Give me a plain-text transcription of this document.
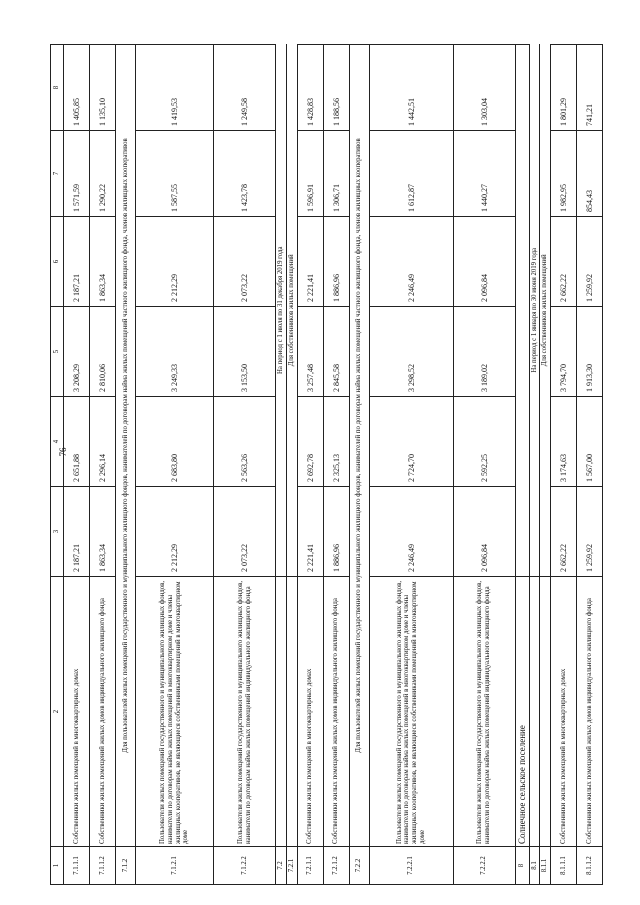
76
1	2	3	4	5	6	7	8
7.1.1.1	Собственники жилых помещений в многоквартирных домах	2 187,21	2 651,88	3 208,29	2 187,21	1 571,59	1 405,85
7.1.1.2	Собственники жилых помещений жилых домов индивидуального жилищного фонда	1 863,34	2 296,14	2 810,06	1 863,34	1 290,22	1 135,10
7.1.2	Для пользователей жилых помещений государственного и муниципального жилищного фондов, нанимателей по договорам найма жилых помещений частного жилищного фонда, членов жилищных кооперативов						
7.1.2.1	Пользователи жилых помещений государственного и муниципального жилищных фондов, наниматели по договорам найма жилых помещений в многоквартирном доме и члены жилищных кооперативов, не являющиеся собственниками помещений в многоквартирном доме	2 212,29	2 683,80	3 249,33	2 212,29	1 587,55	1 419,53
7.1.2.2	Пользователи жилых помещений государственного и муниципального жилищных фондов, наниматели по договорам найма жилых помещений индивидуального жилищного фонда	2 073,22	2 563,26	3 153,50	2 073,22	1 423,78	1 249,58
7.2		На период с 1 июля по 31 декабря 2019 года					
7.2.1		Для собственников жилых помещений					
7.2.1.1	Собственники жилых помещений в многоквартирных домах	2 221,41	2 692,78	3 257,48	2 221,41	1 596,91	1 428,83
7.2.1.2	Собственники жилых помещений жилых домов индивидуального жилищного фонда	1 886,96	2 325,13	2 845,58	1 886,96	1 306,71	1 188,56
7.2.2	Для пользователей жилых помещений государственного и муниципального жилищного фондов, нанимателей по договорам найма жилых помещений частного жилищного фонда, членов жилищных кооперативов						
7.2.2.1	Пользователи жилых помещений государственного и муниципального жилищных фондов, наниматели по договорам найма жилых помещений в многоквартирном доме и члены жилищных кооперативов, не являющиеся собственниками помещений в многоквартирном доме	2 246,49	2 724,70	3 298,52	2 246,49	1 612,87	1 442,51
7.2.2.2	Пользователи жилых помещений государственного и муниципального жилищных фондов, наниматели по договорам найма жилых помещений индивидуального жилищного фонда	2 096,84	2 592,25	3 189,02	2 096,84	1 440,27	1 303,04
8	Солнечное сельское поселение						
8.1		На период с 1 января по 30 июня 2019 года					
8.1.1		Для собственников жилых помещений					
8.1.1.1	Собственники жилых помещений в многоквартирных домах	2 662,22	3 174,63	3 794,70	2 662,22	1 982,95	1 801,29
8.1.1.2	Собственники жилых помещений жилых домов индивидуального жилищного фонда	1 259,92	1 567,00	1 913,30	1 259,92	854,43	741,21
